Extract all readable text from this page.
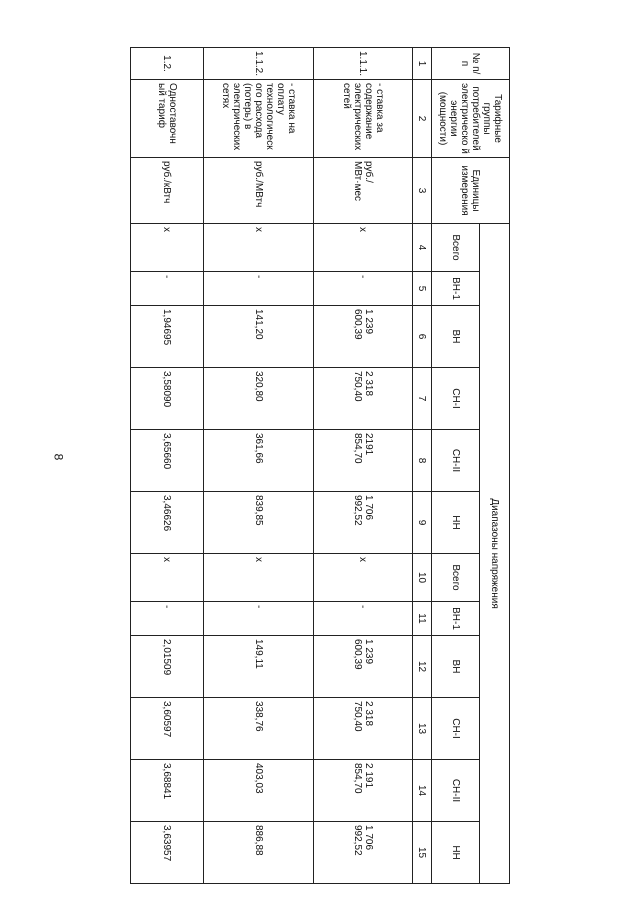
8
№ п/п	Тарифные группы потребителей электрическо й энергии (мощности)	Единицы измерения	Диапазоны напряжения											
			Всего	ВН-1	ВН	СН-I	СН-II	НН	Всего	ВН-1	ВН	СН-I	СН-II	НН
1	2	3	4	5	6	7	8	9	10	11	12	13	14	15
1.1.1.	- ставка за содержание электрических сетей	руб./МВт·мес	x	-	1 239 600,39	2 318 750,40	2191 854,70	1 706 992,52	x	-	1 239 600,39	2 318 750,40	2 191 854,70	1 706 992,52
1.1.2.	- ставка на оплату технологическ ого расхода (потерь) в электрических сетях	руб./МВтч	x	-	141,20	320,80	361,66	839,85	x	-	149,11	338,76	403,03	886,88
1.2.	Одноставочн ый тариф	руб./кВтч	x	-	1,94695	3,58090	3,65660	3,46626	x	-	2,01509	3,60597	3,68841	3,63957
